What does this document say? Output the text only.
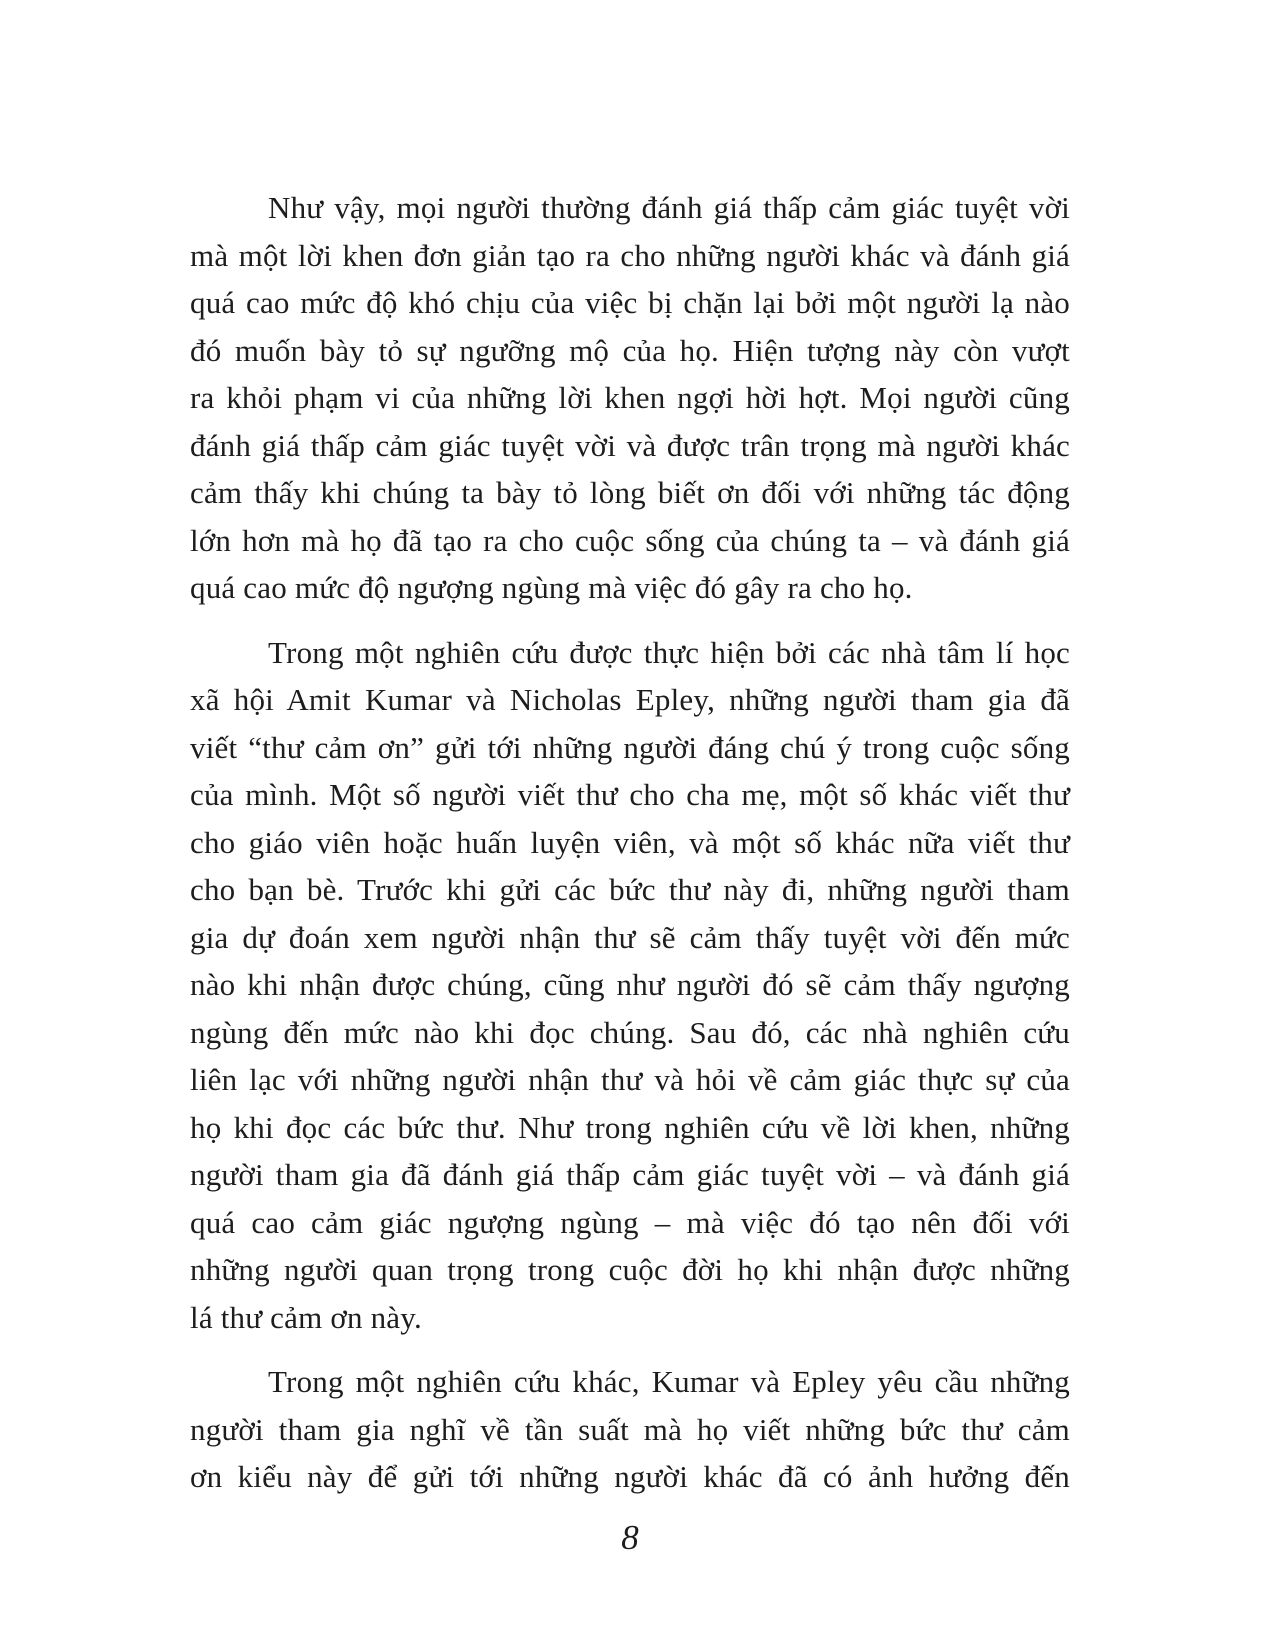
Như vậy, mọi người thường đánh giá thấp cảm giác tuyệt vời
mà một lời khen đơn giản tạo ra cho những người khác và đánh giá
quá cao mức độ khó chịu của việc bị chặn lại bởi một người lạ nào
đó muốn bày tỏ sự ngưỡng mộ của họ. Hiện tượng này còn vượt
ra khỏi phạm vi của những lời khen ngợi hời hợt. Mọi người cũng
đánh giá thấp cảm giác tuyệt vời và được trân trọng mà người khác
cảm thấy khi chúng ta bày tỏ lòng biết ơn đối với những tác động
lớn hơn mà họ đã tạo ra cho cuộc sống của chúng ta – và đánh giá
quá cao mức độ ngượng ngùng mà việc đó gây ra cho họ.
Trong một nghiên cứu được thực hiện bởi các nhà tâm lí học
xã hội Amit Kumar và Nicholas Epley, những người tham gia đã
viết “thư cảm ơn” gửi tới những người đáng chú ý trong cuộc sống
của mình. Một số người viết thư cho cha mẹ, một số khác viết thư
cho giáo viên hoặc huấn luyện viên, và một số khác nữa viết thư
cho bạn bè. Trước khi gửi các bức thư này đi, những người tham
gia dự đoán xem người nhận thư sẽ cảm thấy tuyệt vời đến mức
nào khi nhận được chúng, cũng như người đó sẽ cảm thấy ngượng
ngùng đến mức nào khi đọc chúng. Sau đó, các nhà nghiên cứu
liên lạc với những người nhận thư và hỏi về cảm giác thực sự của
họ khi đọc các bức thư. Như trong nghiên cứu về lời khen, những
người tham gia đã đánh giá thấp cảm giác tuyệt vời – và đánh giá
quá cao cảm giác ngượng ngùng – mà việc đó tạo nên đối với
những người quan trọng trong cuộc đời họ khi nhận được những
lá thư cảm ơn này.
Trong một nghiên cứu khác, Kumar và Epley yêu cầu những
người tham gia nghĩ về tần suất mà họ viết những bức thư cảm
ơn kiểu này để gửi tới những người khác đã có ảnh hưởng đến
8
